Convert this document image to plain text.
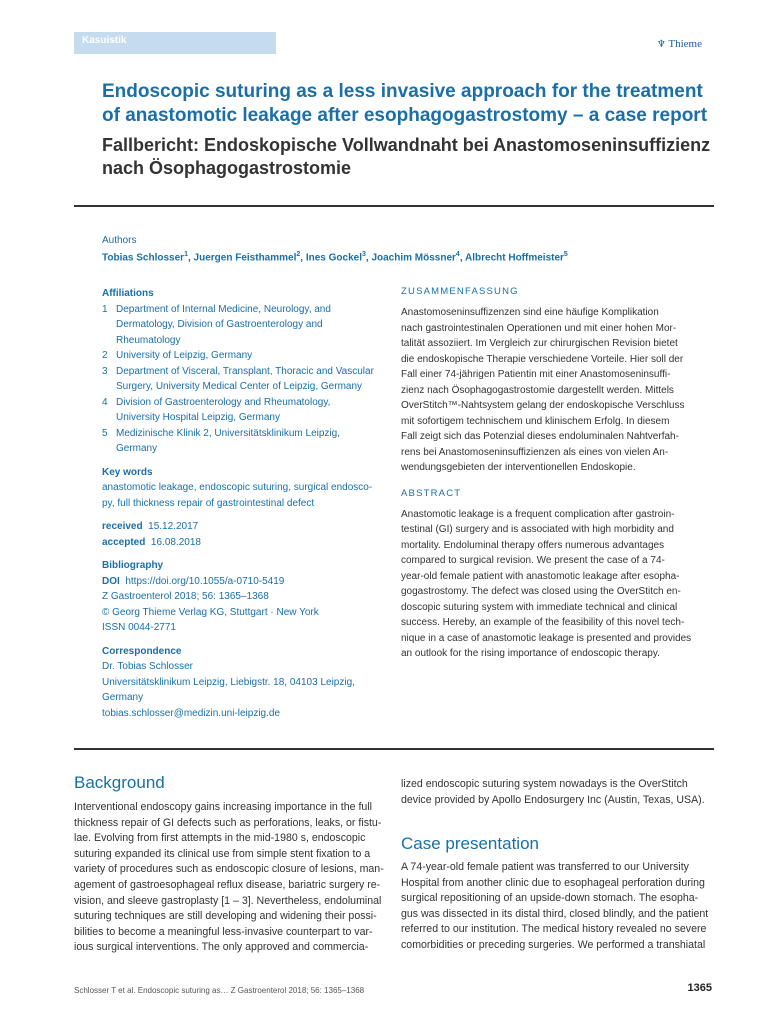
Kasuistik	♆ Thieme
Endoscopic suturing as a less invasive approach for the treatment of anastomotic leakage after esophagogastrostomy – a case report
Fallbericht: Endoskopische Vollwandnaht bei Anastomoseninsuffizienz nach Ösophagogastrostomie
Authors
Tobias Schlosser$^1$, Juergen Feisthammel$^2$, Ines Gockel$^3$, Joachim Mössner$^4$, Albrecht Hoffmeister$^5$
Affiliations
1 Department of Internal Medicine, Neurology, and
Dermatology, Division of Gastroenterology and
Rheumatology
2 University of Leipzig, Germany
3 Department of Visceral, Transplant, Thoracic and Vascular
Surgery, University Medical Center of Leipzig, Germany
4 Division of Gastroenterology and Rheumatology,
University Hospital Leipzig, Germany
5 Medizinische Klinik 2, Universitätsklinikum Leipzig,
Germany
Key words
anastomotic leakage, endoscopic suturing, surgical endosco-
py, full thickness repair of gastrointestinal defect
received 15.12.2017
accepted 16.08.2018
Bibliography
DOI https://doi.org/10.1055/a-0710-5419
Z Gastroenterol 2018; 56: 1365–1368
© Georg Thieme Verlag KG, Stuttgart · New York
ISSN 0044-2771
Correspondence
Dr. Tobias Schlosser
Universitätsklinikum Leipzig, Liebigstr. 18, 04103 Leipzig,
Germany
tobias.schlosser@medizin.uni-leipzig.de
ZUSAMMENFASSUNG
Anastomoseninsuffizenzen sind eine häufige Komplikation
nach gastrointestinalen Operationen und mit einer hohen Mor-
talität assoziiert. Im Vergleich zur chirurgischen Revision bietet
die endoskopische Therapie verschiedene Vorteile. Hier soll der
Fall einer 74-jährigen Patientin mit einer Anastomoseninsuffi-
zienz nach Ösophagogastrostomie dargestellt werden. Mittels
OverStitch™-Nahtsystem gelang der endoskopische Verschluss
mit sofortigem technischem und klinischem Erfolg. In diesem
Fall zeigt sich das Potenzial dieses endoluminalen Nahtverfah-
rens bei Anastomoseninsuffizienzen als eines von vielen An-
wendungsgebieten der interventionellen Endoskopie.
ABSTRACT
Anastomotic leakage is a frequent complication after gastroin-
testinal (GI) surgery and is associated with high morbidity and
mortality. Endoluminal therapy offers numerous advantages
compared to surgical revision. We present the case of a 74-
year-old female patient with anastomotic leakage after esopha-
gogastrostomy. The defect was closed using the OverStitch en-
doscopic suturing system with immediate technical and clinical
success. Hereby, an example of the feasibility of this novel tech-
nique in a case of anastomotic leakage is presented and provides
an outlook for the rising importance of endoscopic therapy.
Background
Interventional endoscopy gains increasing importance in the full
thickness repair of GI defects such as perforations, leaks, or fistu-
lae. Evolving from first attempts in the mid-1980 s, endoscopic
suturing expanded its clinical use from simple stent fixation to a
variety of procedures such as endoscopic closure of lesions, man-
agement of gastroesophageal reflux disease, bariatric surgery re-
vision, and sleeve gastroplasty [1 – 3]. Nevertheless, endoluminal
suturing techniques are still developing and widening their possi-
bilities to become a meaningful less-invasive counterpart to var-
ious surgical interventions. The only approved and commercia-
lized endoscopic suturing system nowadays is the OverStitch
device provided by Apollo Endosurgery Inc (Austin, Texas, USA).
Case presentation
A 74-year-old female patient was transferred to our University
Hospital from another clinic due to esophageal perforation during
surgical repositioning of an upside-down stomach. The esopha-
gus was dissected in its distal third, closed blindly, and the patient
referred to our institution. The medical history revealed no severe
comorbidities or preceding surgeries. We performed a transhiatal
Schlosser T et al. Endoscopic suturing as… Z Gastroenterol 2018; 56: 1365–1368	1365
